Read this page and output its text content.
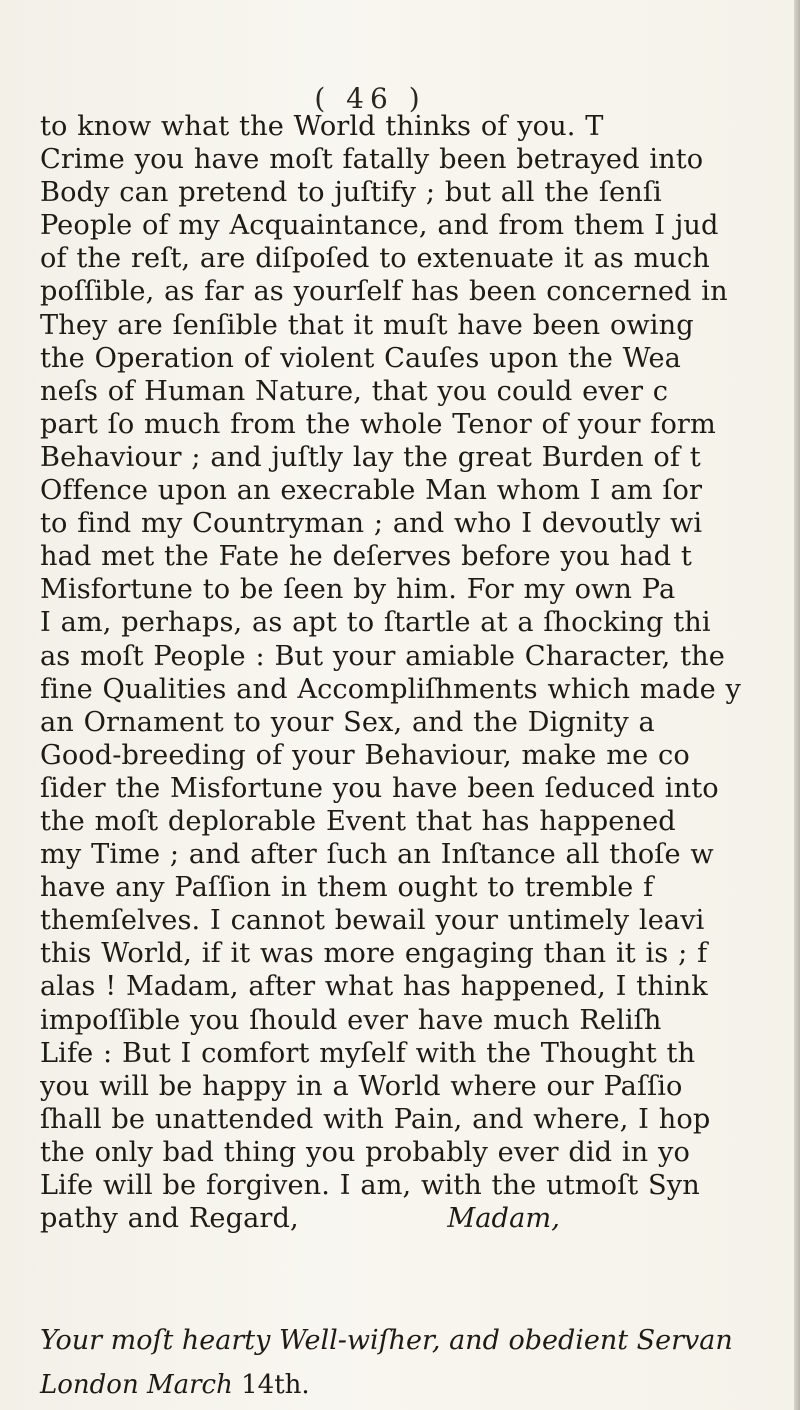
( 46 )
to know what the World thinks of you. T
Crime you have moſt fatally been betrayed into
Body can pretend to juſtify ; but all the ſenſi
People of my Acquaintance, and from them I jud
of the reſt, are diſpoſed to extenuate it as much
poſſible, as far as yourſelf has been concerned in
They are ſenſible that it muſt have been owing
the Operation of violent Cauſes upon the Wea
neſs of Human Nature, that you could ever c
part ſo much from the whole Tenor of your form
Behaviour ; and juſtly lay the great Burden of t
Offence upon an execrable Man whom I am ſor
to find my Countryman ; and who I devoutly wi
had met the Fate he deſerves before you had t
Misfortune to be ſeen by him. For my own Pa
I am, perhaps, as apt to ſtartle at a ſhocking thi
as moſt People : But your amiable Character, the
fine Qualities and Accompliſhments which made y
an Ornament to your Sex, and the Dignity a
Good-breeding of your Behaviour, make me co
ſider the Misfortune you have been ſeduced into
the moſt deplorable Event that has happened
my Time ; and after ſuch an Inſtance all thoſe w
have any Paſſion in them ought to tremble f
themſelves. I cannot bewail your untimely leavi
this World, if it was more engaging than it is ; f
alas ! Madam, after what has happened, I think
impoſſible you ſhould ever have much Reliſh
Life : But I comfort myſelf with the Thought th
you will be happy in a World where our Paſſio
ſhall be unattended with Pain, and where, I hop
the only bad thing you probably ever did in yo
Life will be forgiven. I am, with the utmoſt Syn
pathy and Regard,	Madam,
Your moſt hearty Well-wiſher, and obedient Servan
London March 14th.
